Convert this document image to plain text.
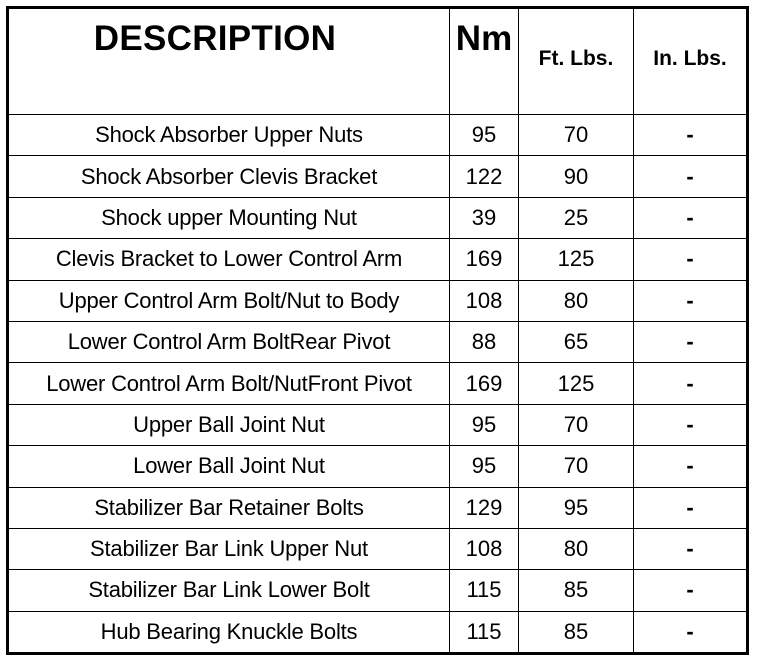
DESCRIPTION	Nm	Ft. Lbs.	In. Lbs.
Shock Absorber Upper Nuts	95	70	-
Shock Absorber Clevis Bracket	122	90	-
Shock upper Mounting Nut	39	25	-
Clevis Bracket to Lower Control Arm	169	125	-
Upper Control Arm Bolt/Nut to Body	108	80	-
Lower Control Arm BoltRear Pivot	88	65	-
Lower Control Arm Bolt/NutFront Pivot	169	125	-
Upper Ball Joint Nut	95	70	-
Lower Ball Joint Nut	95	70	-
Stabilizer Bar Retainer Bolts	129	95	-
Stabilizer Bar Link Upper Nut	108	80	-
Stabilizer Bar Link Lower Bolt	115	85	-
Hub Bearing Knuckle Bolts	115	85	-
